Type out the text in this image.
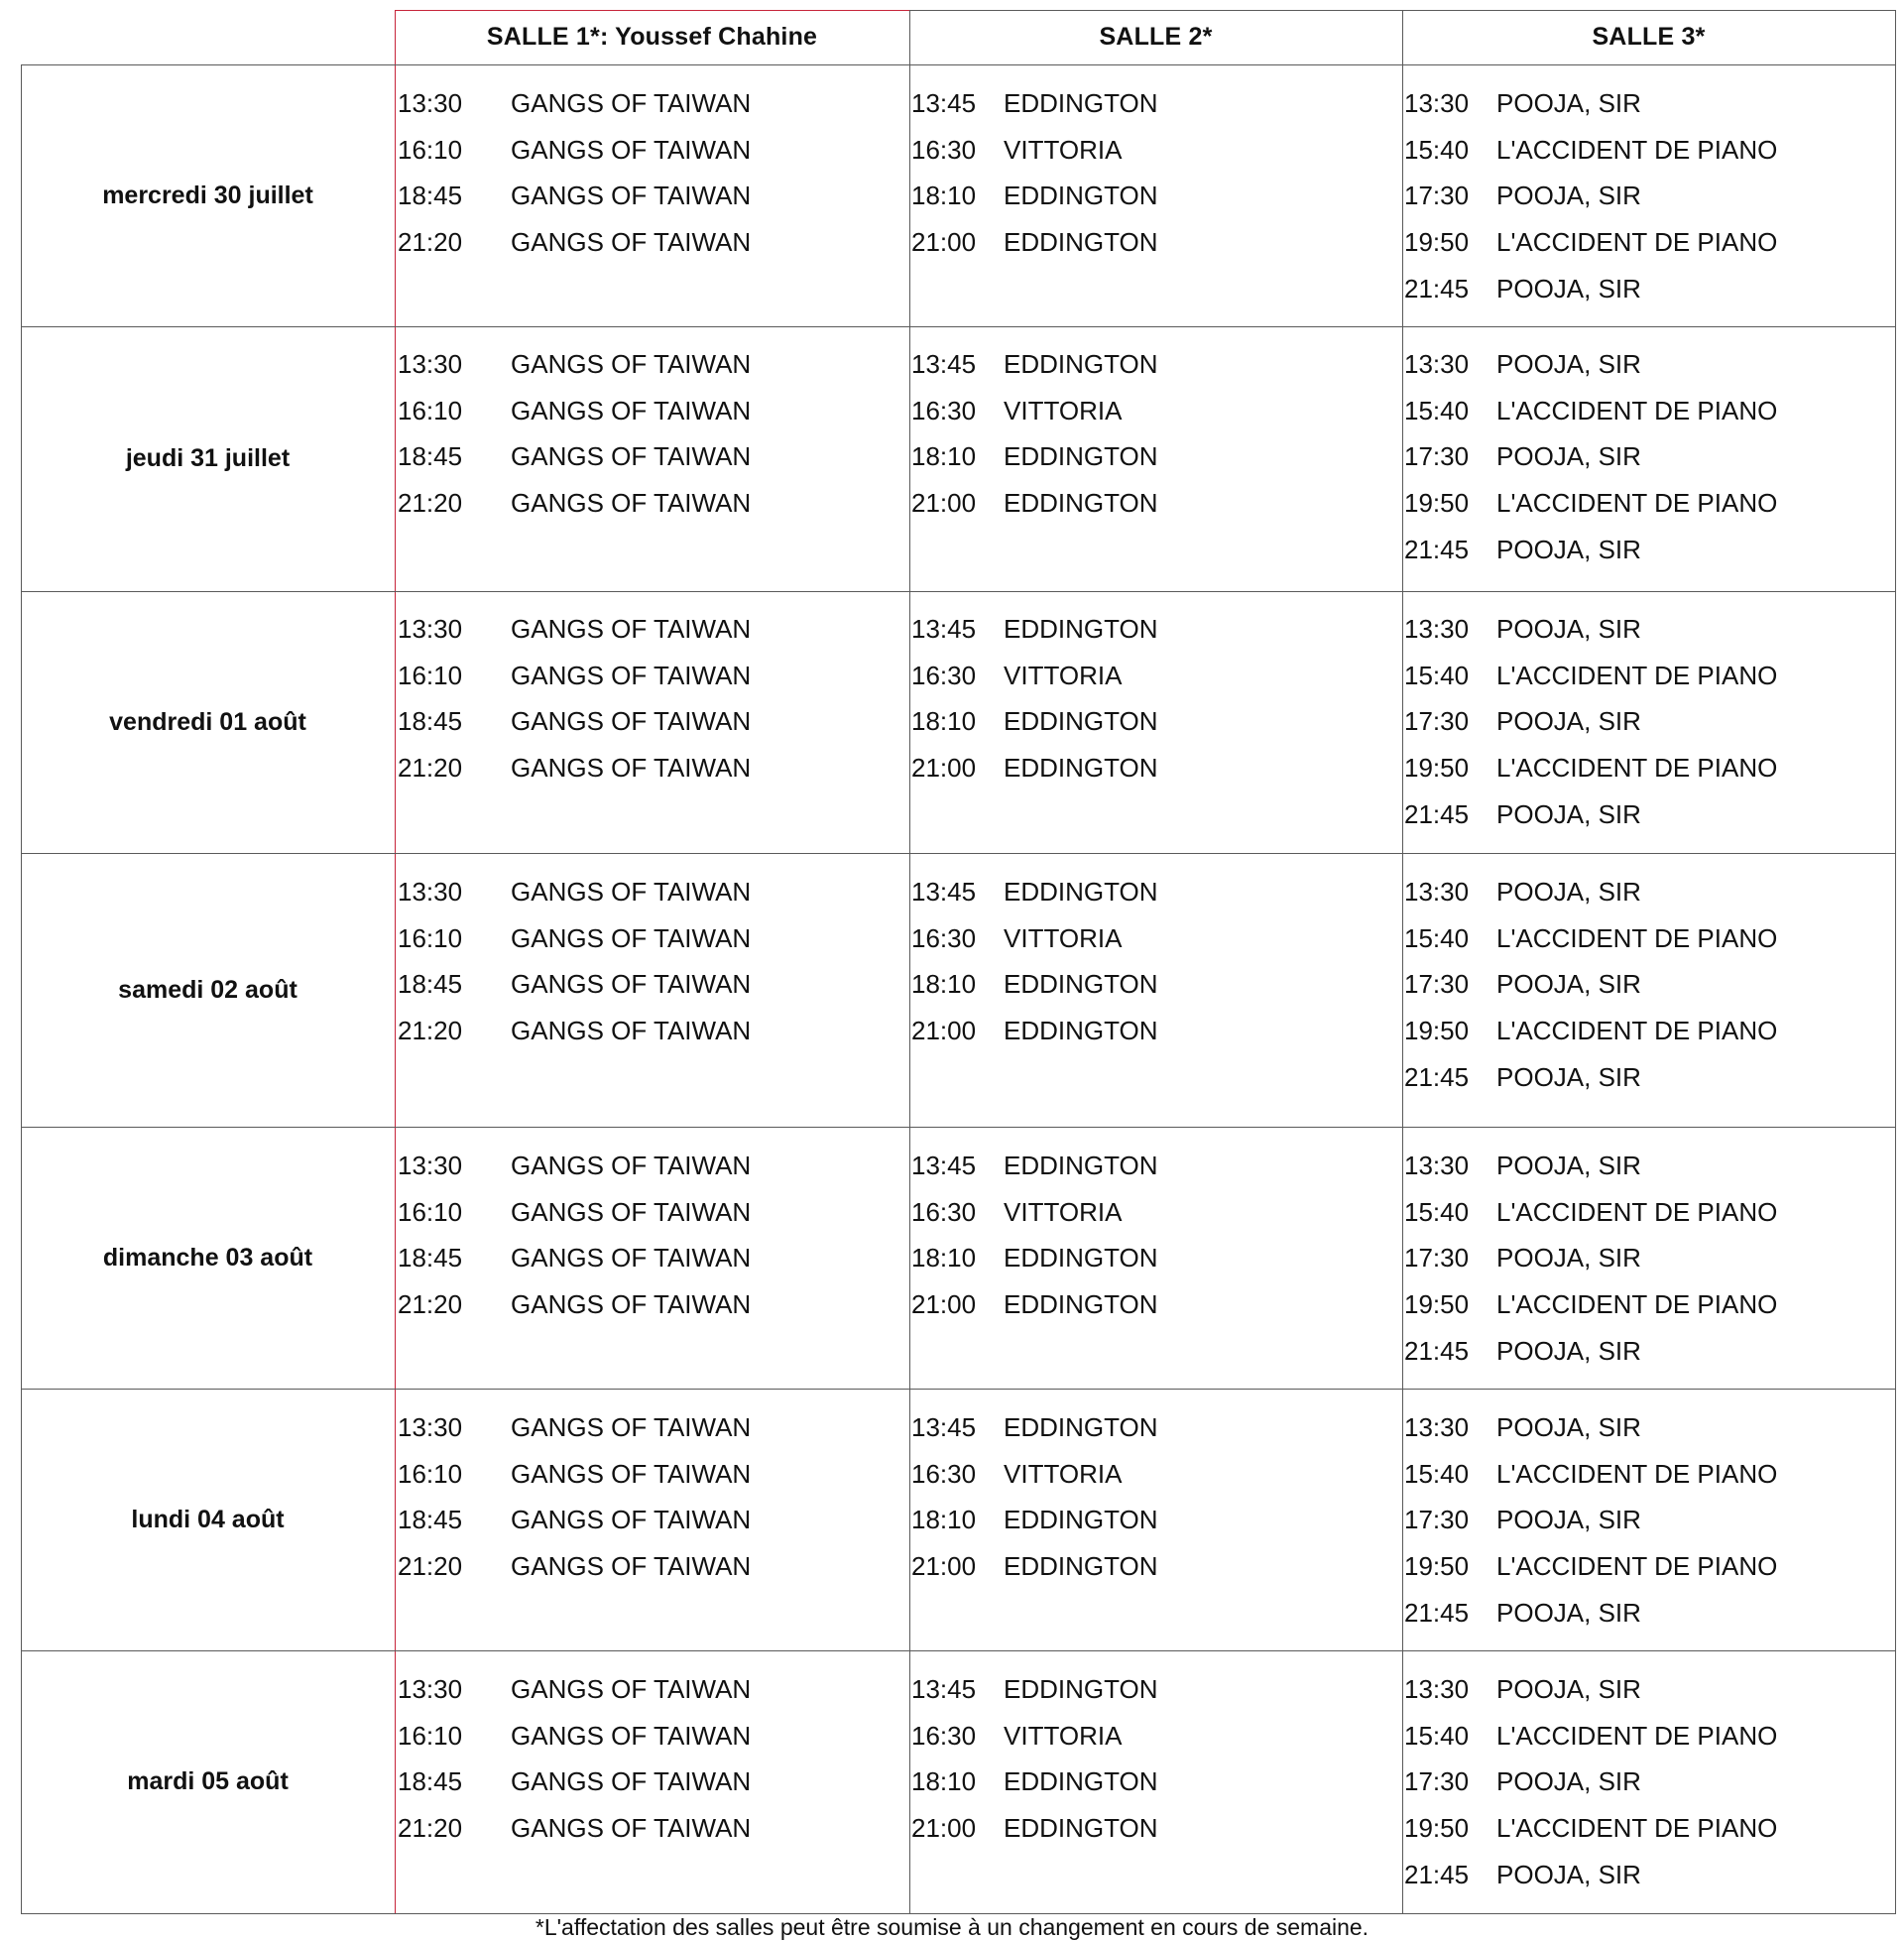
SALLE 1*: Youssef Chahine	SALLE 2*	SALLE 3*
mercredi 30 juillet
jeudi 31 juillet
vendredi 01 août
samedi 02 août
dimanche 03 août
lundi 04 août
mardi 05 août
13:30 GANGS OF TAIWAN
16:10 GANGS OF TAIWAN
18:45 GANGS OF TAIWAN
21:20 GANGS OF TAIWAN
13:45 EDDINGTON
16:30 VITTORIA
18:10 EDDINGTON
21:00 EDDINGTON
13:30 POOJA, SIR
15:40 L'ACCIDENT DE PIANO
17:30 POOJA, SIR
19:50 L'ACCIDENT DE PIANO
21:45 POOJA, SIR
13:30 GANGS OF TAIWAN
16:10 GANGS OF TAIWAN
18:45 GANGS OF TAIWAN
21:20 GANGS OF TAIWAN
13:45 EDDINGTON
16:30 VITTORIA
18:10 EDDINGTON
21:00 EDDINGTON
13:30 POOJA, SIR
15:40 L'ACCIDENT DE PIANO
17:30 POOJA, SIR
19:50 L'ACCIDENT DE PIANO
21:45 POOJA, SIR
13:30 GANGS OF TAIWAN
16:10 GANGS OF TAIWAN
18:45 GANGS OF TAIWAN
21:20 GANGS OF TAIWAN
13:45 EDDINGTON
16:30 VITTORIA
18:10 EDDINGTON
21:00 EDDINGTON
13:30 POOJA, SIR
15:40 L'ACCIDENT DE PIANO
17:30 POOJA, SIR
19:50 L'ACCIDENT DE PIANO
21:45 POOJA, SIR
13:30 GANGS OF TAIWAN
16:10 GANGS OF TAIWAN
18:45 GANGS OF TAIWAN
21:20 GANGS OF TAIWAN
13:45 EDDINGTON
16:30 VITTORIA
18:10 EDDINGTON
21:00 EDDINGTON
13:30 POOJA, SIR
15:40 L'ACCIDENT DE PIANO
17:30 POOJA, SIR
19:50 L'ACCIDENT DE PIANO
21:45 POOJA, SIR
13:30 GANGS OF TAIWAN
16:10 GANGS OF TAIWAN
18:45 GANGS OF TAIWAN
21:20 GANGS OF TAIWAN
13:45 EDDINGTON
16:30 VITTORIA
18:10 EDDINGTON
21:00 EDDINGTON
13:30 POOJA, SIR
15:40 L'ACCIDENT DE PIANO
17:30 POOJA, SIR
19:50 L'ACCIDENT DE PIANO
21:45 POOJA, SIR
13:30 GANGS OF TAIWAN
16:10 GANGS OF TAIWAN
18:45 GANGS OF TAIWAN
21:20 GANGS OF TAIWAN
13:45 EDDINGTON
16:30 VITTORIA
18:10 EDDINGTON
21:00 EDDINGTON
13:30 POOJA, SIR
15:40 L'ACCIDENT DE PIANO
17:30 POOJA, SIR
19:50 L'ACCIDENT DE PIANO
21:45 POOJA, SIR
13:30 GANGS OF TAIWAN
16:10 GANGS OF TAIWAN
18:45 GANGS OF TAIWAN
21:20 GANGS OF TAIWAN
13:45 EDDINGTON
16:30 VITTORIA
18:10 EDDINGTON
21:00 EDDINGTON
13:30 POOJA, SIR
15:40 L'ACCIDENT DE PIANO
17:30 POOJA, SIR
19:50 L'ACCIDENT DE PIANO
21:45 POOJA, SIR
*L'affectation des salles peut être soumise à un changement en cours de semaine.
